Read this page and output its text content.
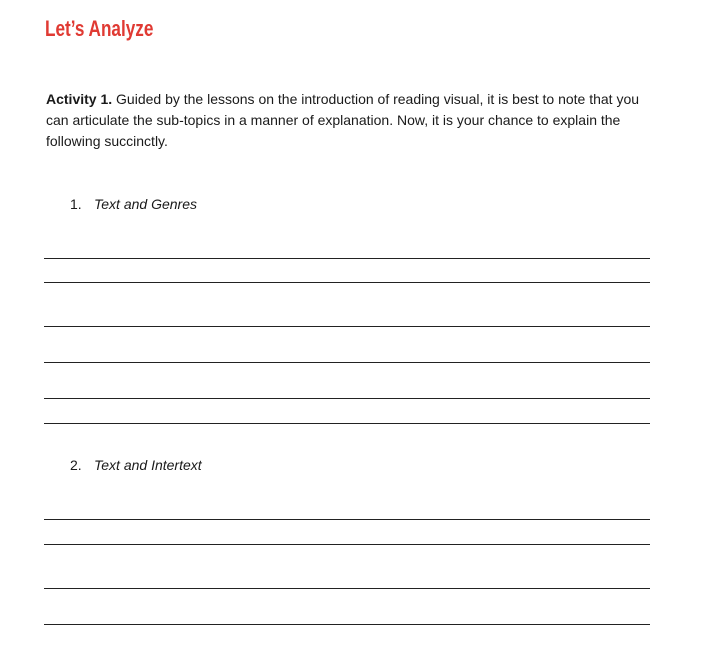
Let’s Analyze
Activity 1. Guided by the lessons on the introduction of reading visual, it is best to note that you can articulate the sub-topics in a manner of explanation. Now, it is your chance to explain the following succinctly.
1. Text and Genres
2. Text and Intertext
